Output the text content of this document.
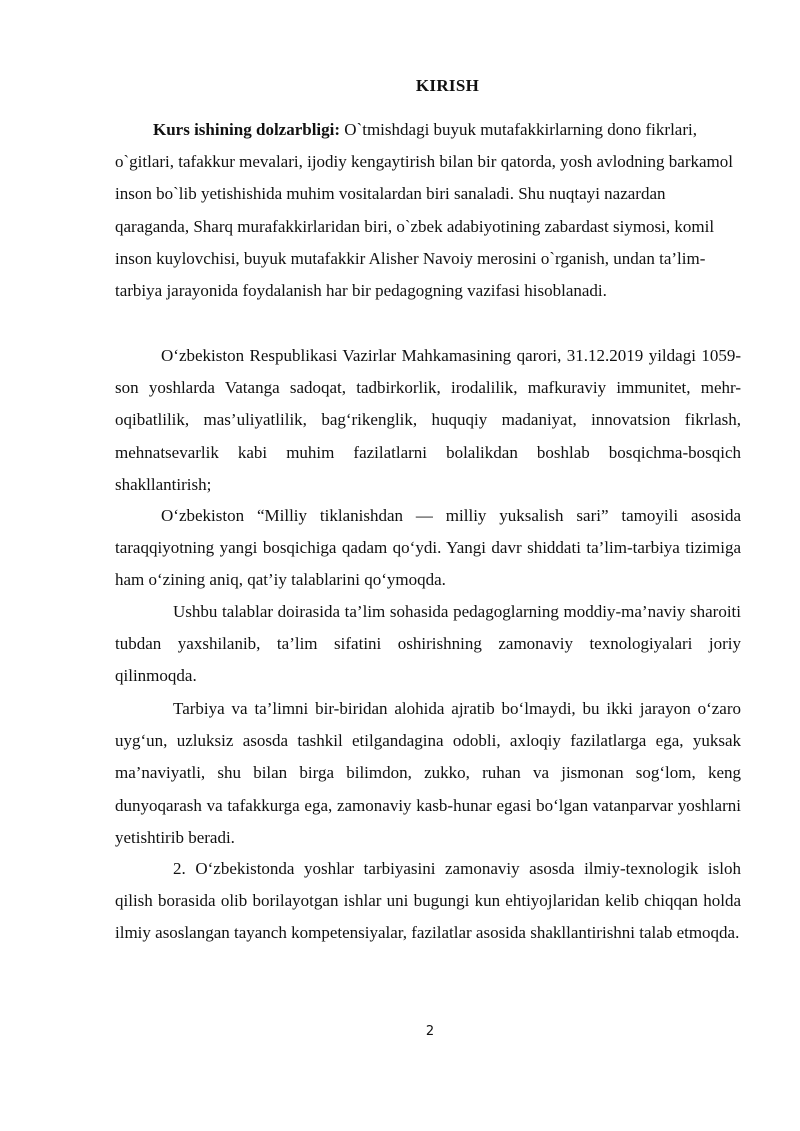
KIRISH
Kurs ishining dolzarbligi: O`tmishdagi buyuk mutafakkirlarning dono fikrlari, o`gitlari, tafakkur mevalari, ijodiy kengaytirish bilan bir qatorda, yosh avlodning barkamol inson bo`lib yetishishida muhim vositalardan biri sanaladi. Shu nuqtayi nazardan qaraganda, Sharq murafakkirlaridan biri, o`zbek adabiyotining zabardast siymosi, komil inson kuylovchisi, buyuk mutafakkir Alisher Navoiy merosini o`rganish, undan ta’lim-tarbiya jarayonida foydalanish har bir pedagogning vazifasi hisoblanadi.
O‘zbekiston Respublikasi Vazirlar Mahkamasining qarori, 31.12.2019 yildagi 1059-son yoshlarda Vatanga sadoqat, tadbirkorlik, irodalilik, mafkuraviy immunitet, mehr-oqibatlilik, mas’uliyatlilik, bag‘rikenglik, huquqiy madaniyat, innovatsion fikrlash, mehnatsevarlik kabi muhim fazilatlarni bolalikdan boshlab bosqichma-bosqich shakllantirish;
O‘zbekiston “Milliy tiklanishdan — milliy yuksalish sari” tamoyili asosida taraqqiyotning yangi bosqichiga qadam qo‘ydi. Yangi davr shiddati ta’lim-tarbiya tizimiga ham o‘zining aniq, qat’iy talablarini qo‘ymoqda.
Ushbu talablar doirasida ta’lim sohasida pedagoglarning moddiy-ma’naviy sharoiti tubdan yaxshilanib, ta’lim sifatini oshirishning zamonaviy texnologiyalari joriy qilinmoqda.
Tarbiya va ta’limni bir-biridan alohida ajratib bo‘lmaydi, bu ikki jarayon o‘zaro uyg‘un, uzluksiz asosda tashkil etilgandagina odobli, axloqiy fazilatlarga ega, yuksak ma’naviyatli, shu bilan birga bilimdon, zukko, ruhan va jismonan sog‘lom, keng dunyoqarash va tafakkurga ega, zamonaviy kasb-hunar egasi bo‘lgan vatanparvar yoshlarni yetishtirib beradi.
2. O‘zbekistonda yoshlar tarbiyasini zamonaviy asosda ilmiy-texnologik isloh qilish borasida olib borilayotgan ishlar uni bugungi kun ehtiyojlaridan kelib chiqqan holda ilmiy asoslangan tayanch kompetensiyalar, fazilatlar asosida shakllantirishni talab etmoqda.
2
